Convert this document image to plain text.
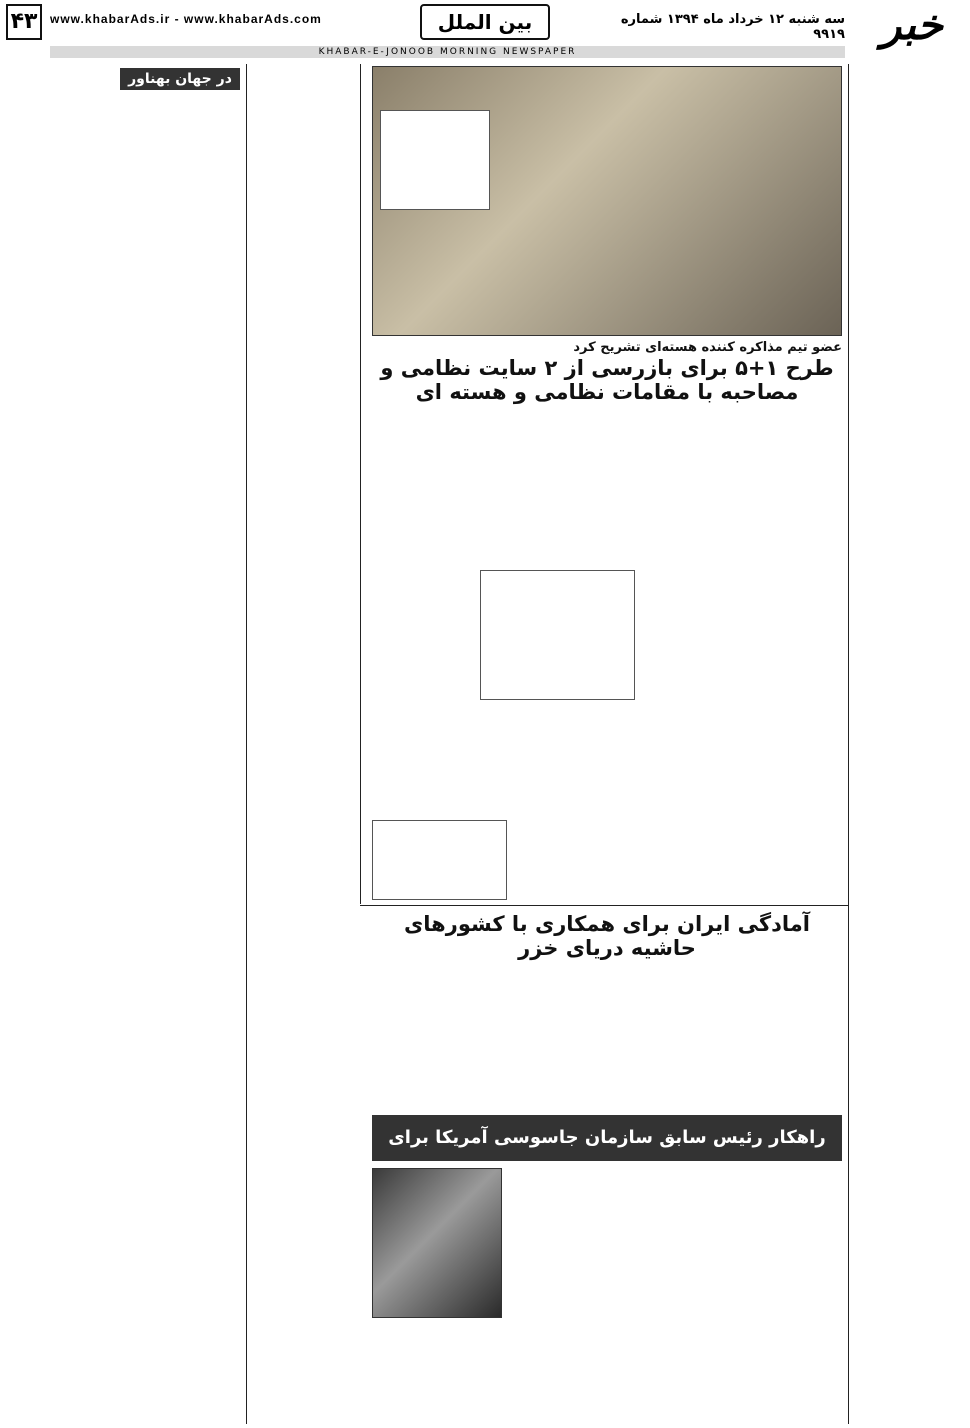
۴۳	www.khabarAds.ir - www.khabarAds.com	بین الملل	سه شنبه ۱۲ خرداد ماه ۱۳۹۴ شماره ۹۹۱۹ خبر
KHABAR-E-JONOOB MORNING NEWSPAPER
در جهان بهناور
عضو تیم مذاکره کننده هسته‌ای تشریح کرد
طرح ۱+۵ برای بازرسی از ۲ سایت نظامی و مصاحبه با مقامات نظامی و هسته ای
آمادگی ایران برای همکاری با کشورهای حاشیه دریای خزر
راهکار رئیس سابق سازمان جاسوسی آمریکا برای شکست داعش
